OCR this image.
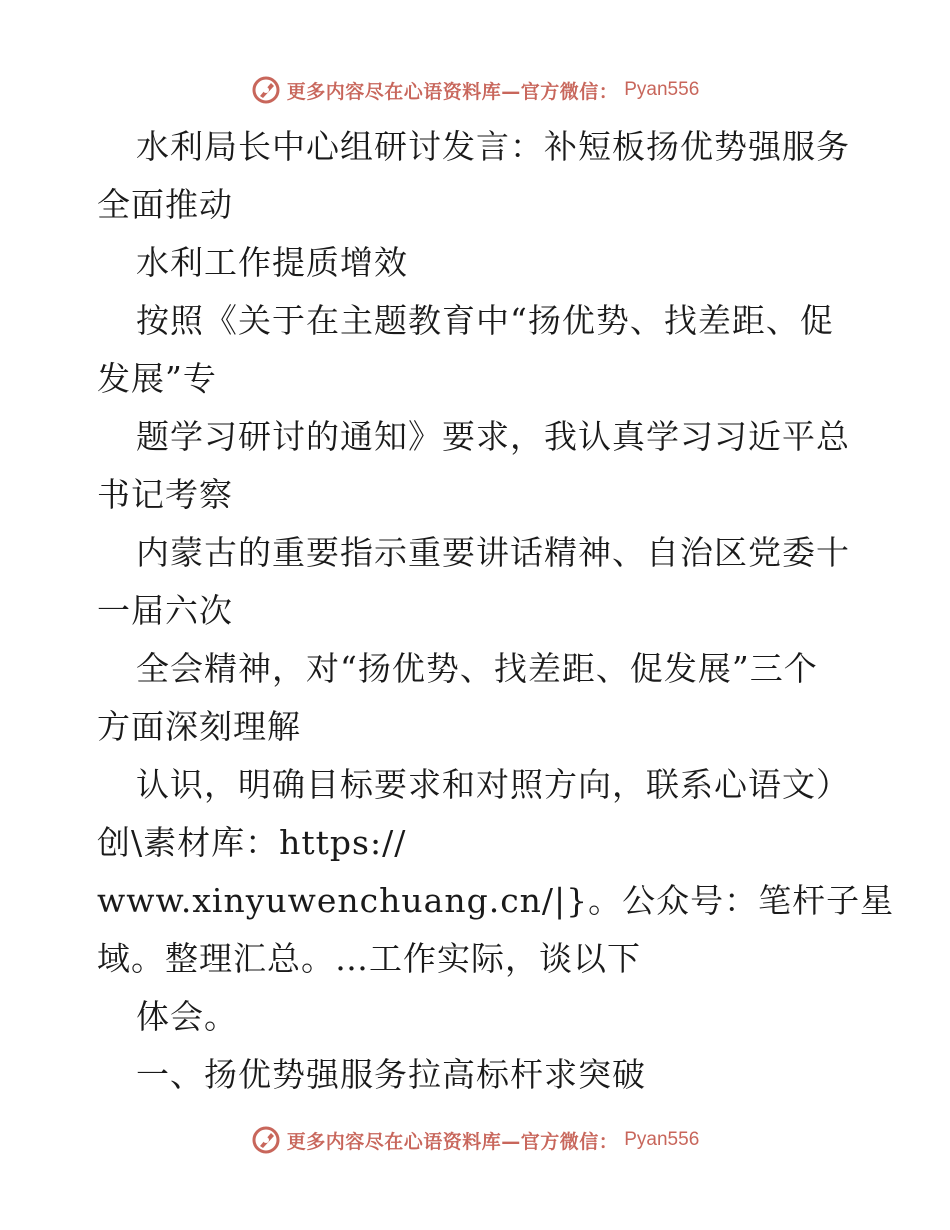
更多内容尽在心语资料库—官方微信： Pyan556
水利局长中心组研讨发言：补短板扬优势强服务
全面推动
水利工作提质增效
按照《关于在主题教育中“扬优势、找差距、促
发展”专
题学习研讨的通知》要求，我认真学习习近平总
书记考察
内蒙古的重要指示重要讲话精神、自治区党委十
一届六次
全会精神，对“扬优势、找差距、促发展”三个
方面深刻理解
认识，明确目标要求和对照方向，联系心语文）
创\素材库：https://
www.xinyuwenchuang.cn/|}。公众号：笔杆子星
域。整理汇总。…工作实际，谈以下
体会。
一、扬优势强服务拉高标杆求突破
更多内容尽在心语资料库—官方微信： Pyan556
